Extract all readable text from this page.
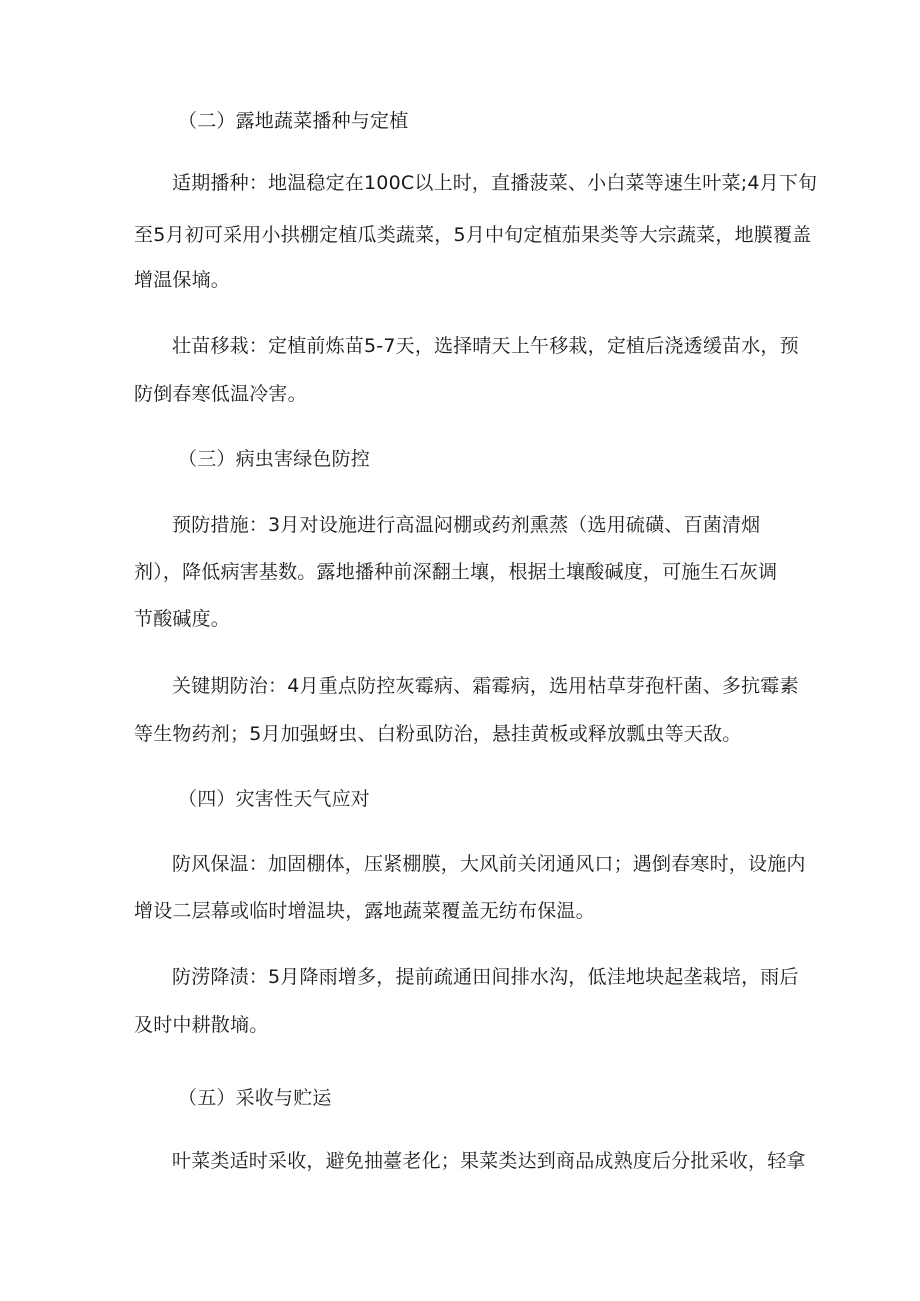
（二）露地蔬菜播种与定植
适期播种：地温稳定在100C以上时，直播菠菜、小白菜等速生叶菜;4月下旬
至5月初可采用小拱棚定植瓜类蔬菜，5月中旬定植茄果类等大宗蔬菜，地膜覆盖
增温保墒。
壮苗移栽：定植前炼苗5-7天，选择晴天上午移栽，定植后浇透缓苗水，预
防倒春寒低温冷害。
（三）病虫害绿色防控
预防措施：3月对设施进行高温闷棚或药剂熏蒸（选用硫磺、百菌清烟
剂），降低病害基数。露地播种前深翻土壤，根据土壤酸碱度，可施生石灰调
节酸碱度。
关键期防治：4月重点防控灰霉病、霜霉病，选用枯草芽孢杆菌、多抗霉素
等生物药剂；5月加强蚜虫、白粉虱防治，悬挂黄板或释放瓢虫等天敌。
（四）灾害性天气应对
防风保温：加固棚体，压紧棚膜，大风前关闭通风口；遇倒春寒时，设施内
增设二层幕或临时增温块，露地蔬菜覆盖无纺布保温。
防涝降渍：5月降雨增多，提前疏通田间排水沟，低洼地块起垄栽培，雨后
及时中耕散墒。
（五）采收与贮运
叶菜类适时采收，避免抽薹老化；果菜类达到商品成熟度后分批采收，轻拿
